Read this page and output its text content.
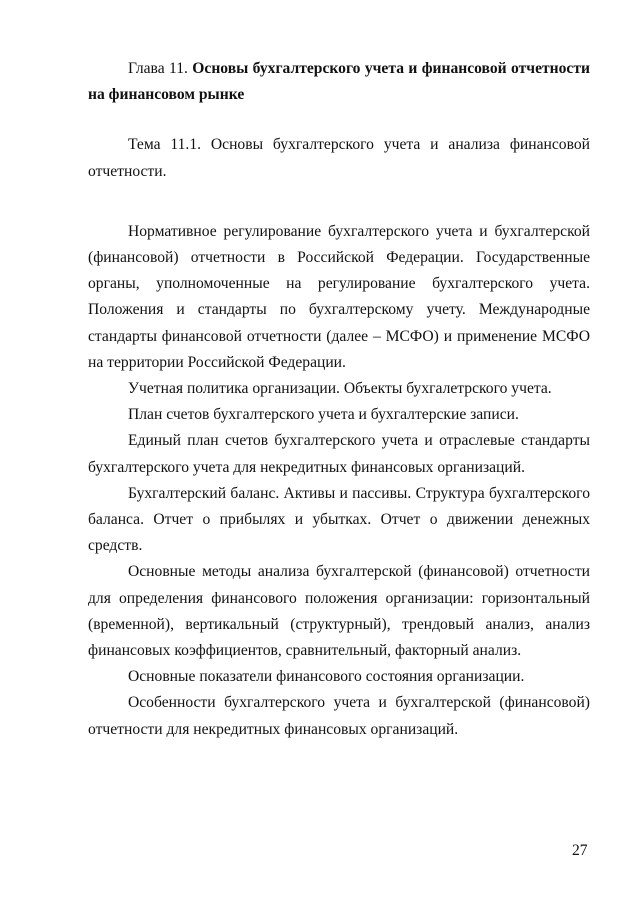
Глава 11. Основы бухгалтерского учета и финансовой отчетности на финансовом рынке

Тема 11.1. Основы бухгалтерского учета и анализа финансовой отчетности.

Нормативное регулирование бухгалтерского учета и бухгалтерской (финансовой) отчетности в Российской Федерации. Государственные органы, уполномоченные на регулирование бухгалтерского учета. Положения и стандарты по бухгалтерскому учету. Международные стандарты финансовой отчетности (далее – МСФО) и применение МСФО на территории Российской Федерации.

Учетная политика организации. Объекты бухгалетрского учета.

План счетов бухгалтерского учета и бухгалтерские записи.

Единый план счетов бухгалтерского учета и отраслевые стандарты бухгалтерского учета для некредитных финансовых организаций.

Бухгалтерский баланс. Активы и пассивы. Структура бухгалтерского баланса. Отчет о прибылях и убытках. Отчет о движении денежных средств.

Основные методы анализа бухгалтерской (финансовой) отчетности для определения финансового положения организации: горизонтальный (временной), вертикальный (структурный), трендовый анализ, анализ финансовых коэффициентов, сравнительный, факторный анализ.

Основные показатели финансового состояния организации.

Особенности бухгалтерского учета и бухгалтерской (финансовой) отчетности для некредитных финансовых организаций.

27
